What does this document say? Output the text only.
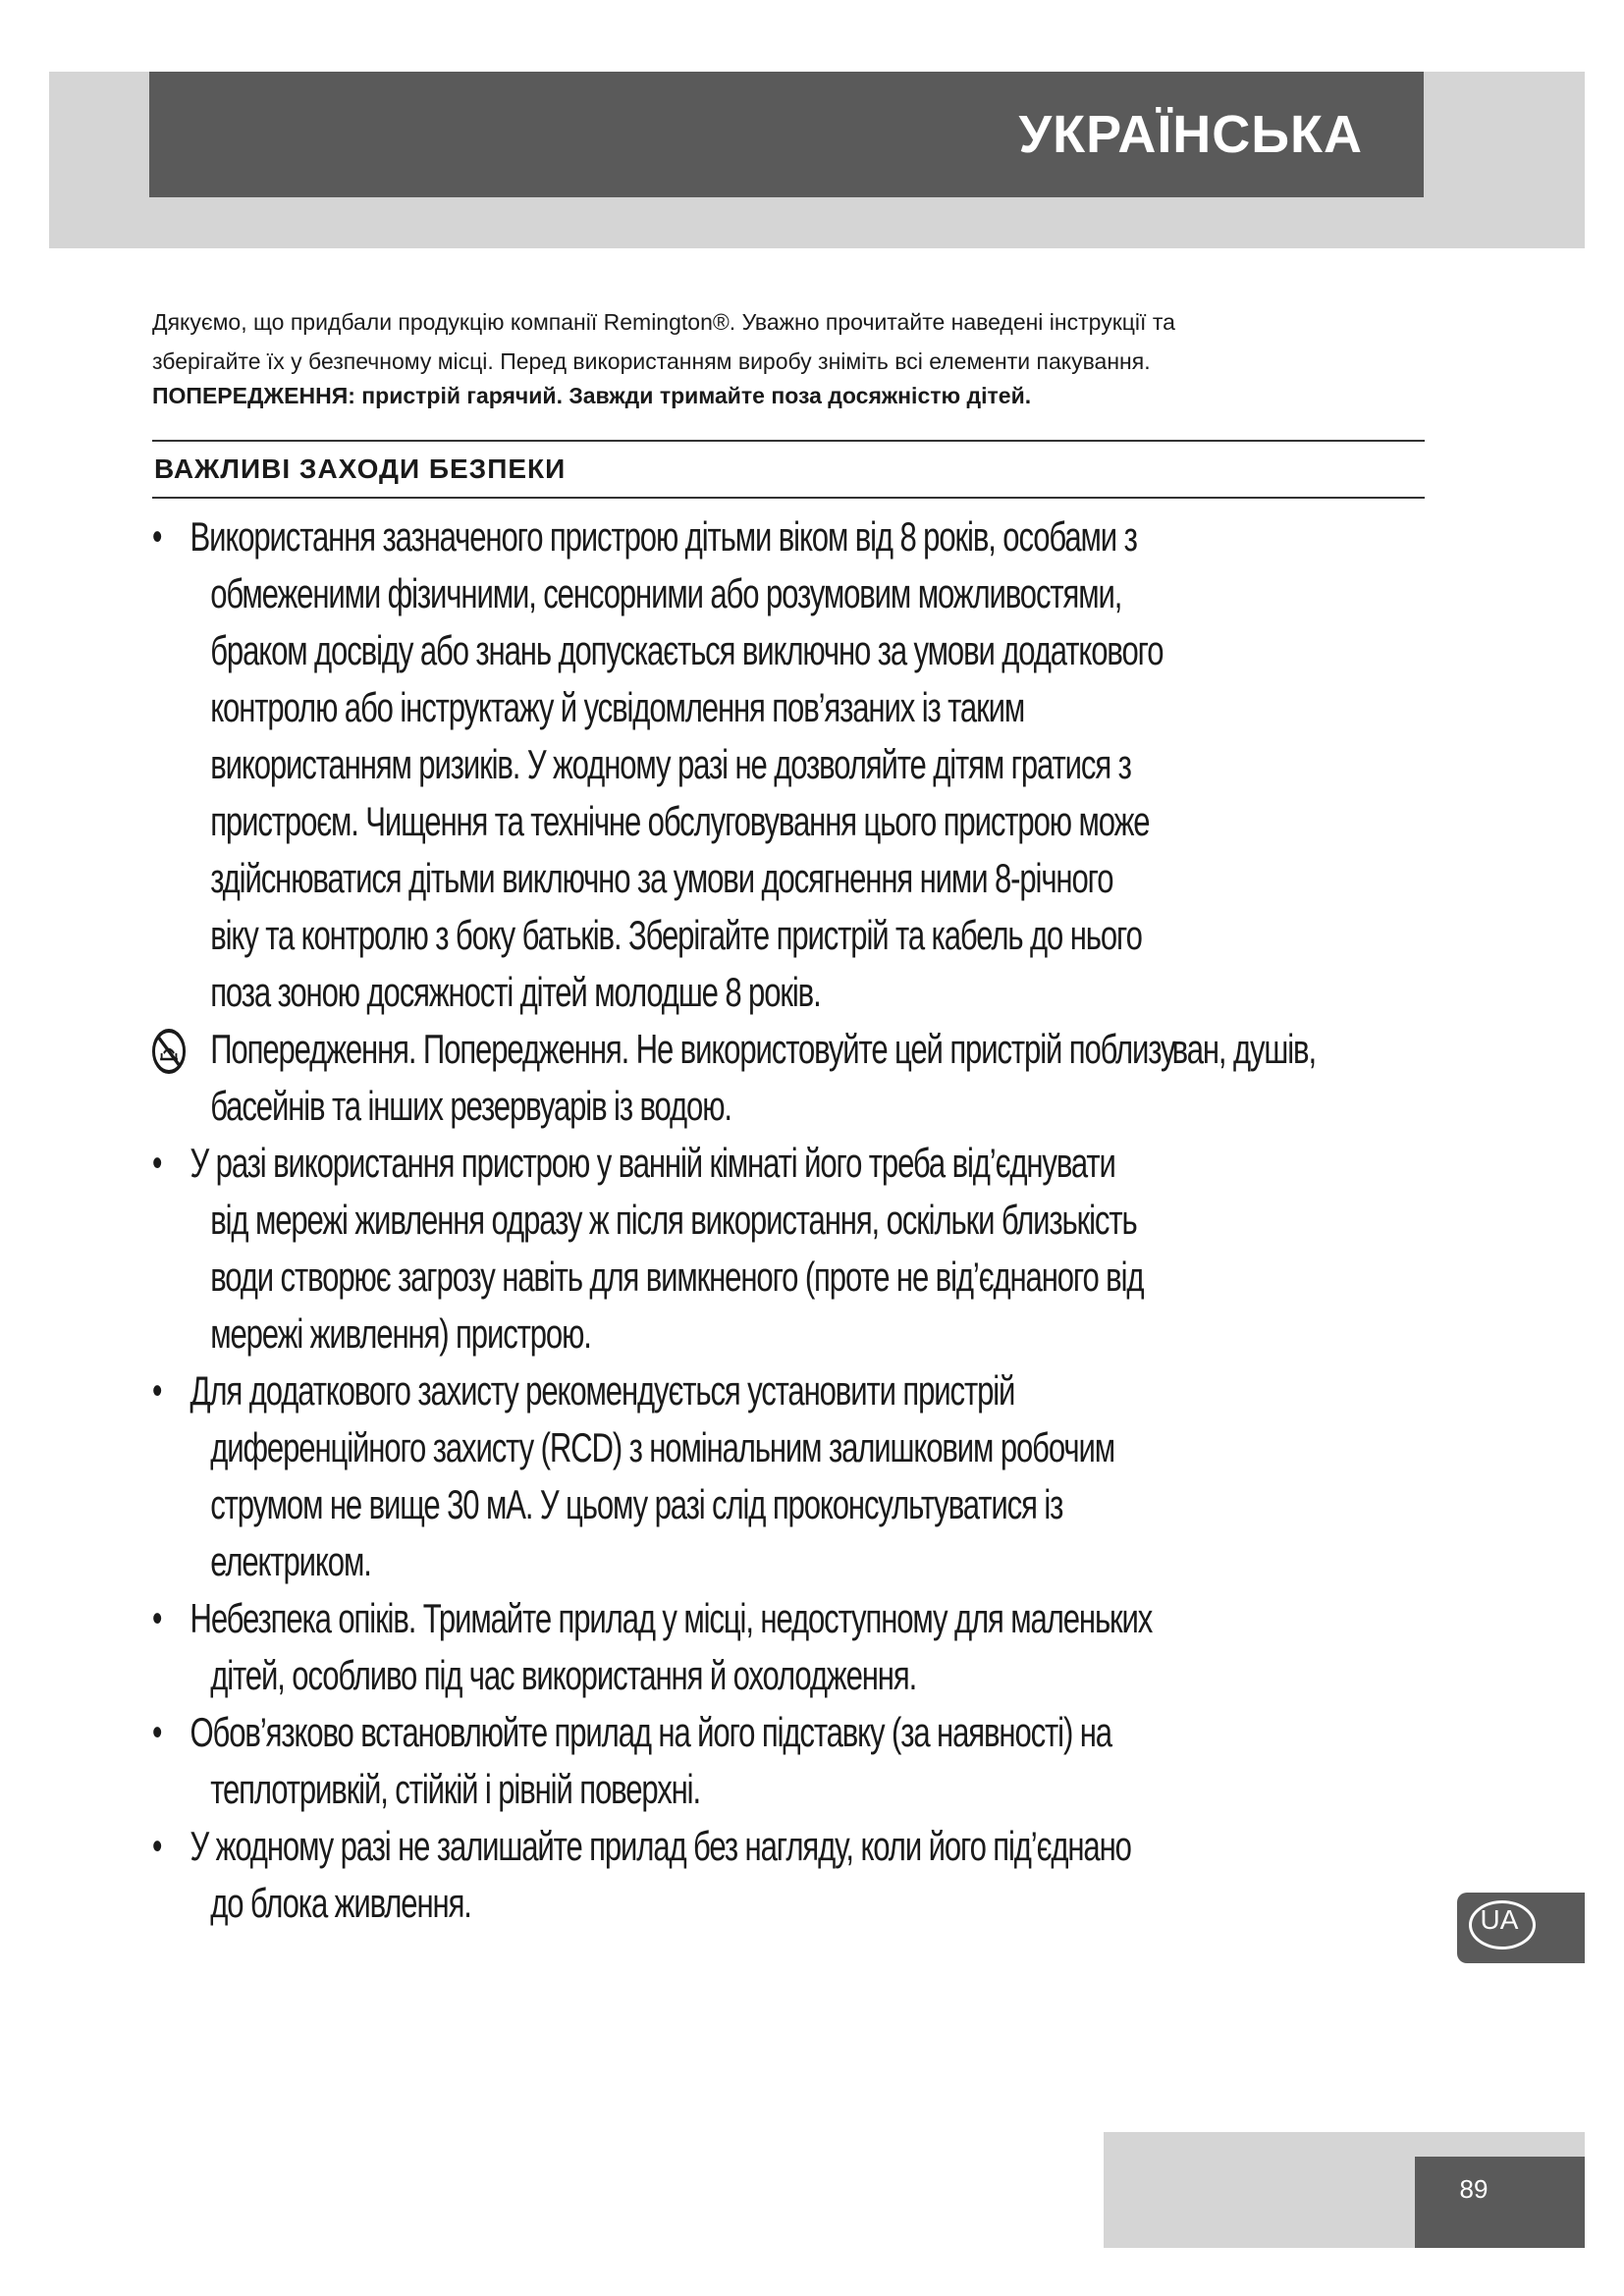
УКРАЇНСЬКА

Дякуємо, що придбали продукцію компанії Remington®. Уважно прочитайте наведені інструкції та

зберігайте їх у безпечному місці. Перед використанням виробу зніміть всі елементи пакування.

ПОПЕРЕДЖЕННЯ: пристрій гарячий. Завжди тримайте поза досяжністю дітей.

ВАЖЛИВІ ЗАХОДИ БЕЗПЕКИ
• Використання зазначеного пристрою дітьми віком від 8 років, особами з
обмеженими фізичними, сенсорними або розумовим можливостями,
браком досвіду або знань допускається виключно за умови додаткового
контролю або інструктажу й усвідомлення пов’язаних із таким
використанням ризиків. У жодному разі не дозволяйте дітям гратися з
пристроєм. Чищення та технічне обслуговування цього пристрою може
здійснюватися дітьми виключно за умови досягнення ними 8-річного
віку та контролю з боку батьків. Зберігайте пристрій та кабель до нього
поза зоною досяжності дітей молодше 8 років.
Попередження. Попередження. Не використовуйте цей пристрій поблизу ван, душів, басейнів та інших резервуарів із водою.
• У разі використання пристрою у ванній кімнаті його треба від’єднувати
від мережі живлення одразу ж після використання, оскільки близькість
води створює загрозу навіть для вимкненого (проте не від’єднаного від
мережі живлення) пристрою.
• Для додаткового захисту рекомендується установити пристрій
диференційного захисту (RCD) з номінальним залишковим робочим
струмом не вище 30 мА. У цьому разі слід проконсультуватися із
електриком.
• Небезпека опіків. Тримайте прилад у місці, недоступному для маленьких
дітей, особливо під час використання й охолодження.
• Обов’язково встановлюйте прилад на його підставку (за наявності) на
теплотривкій, стійкій і рівній поверхні.
• У жодному разі не залишайте прилад без нагляду, коли його під’єднано
до блока живлення.	UA
89
